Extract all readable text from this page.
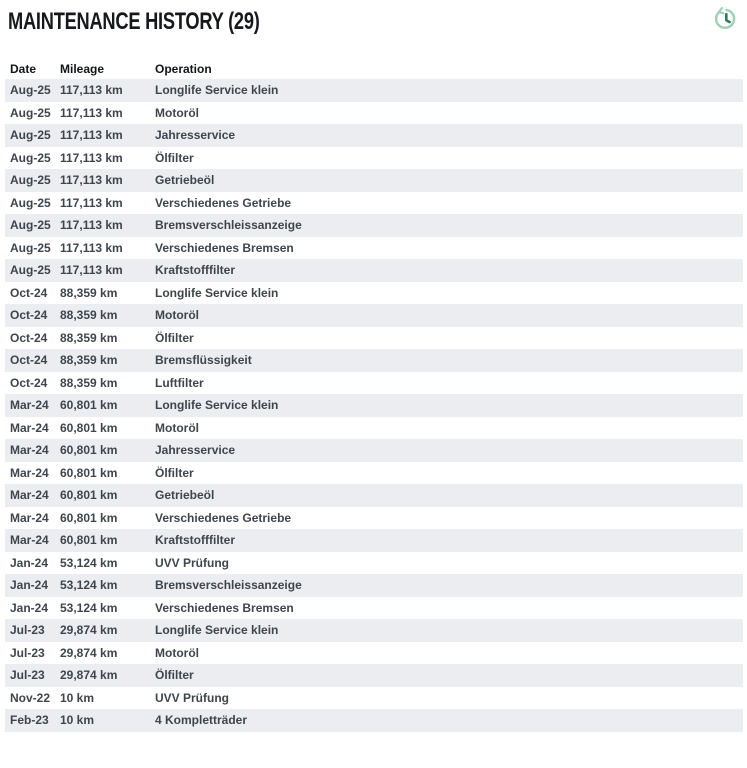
MAINTENANCE HISTORY (29)
Date	Mileage	Operation
Aug-25 117,113 km	Longlife Service klein
Aug-25 117,113 km	Motoröl
Aug-25 117,113 km	Jahresservice
Aug-25 117,113 km	Ölfilter
Aug-25 117,113 km	Getriebeöl
Aug-25 117,113 km	Verschiedenes Getriebe
Aug-25 117,113 km	Bremsverschleissanzeige
Aug-25 117,113 km	Verschiedenes Bremsen
Aug-25 117,113 km	Kraftstofffilter
Oct-24	88,359 km	Longlife Service klein
Oct-24	88,359 km	Motoröl
Oct-24	88,359 km	Ölfilter
Oct-24	88,359 km	Bremsflüssigkeit
Oct-24	88,359 km	Luftfilter
Mar-24 60,801 km	Longlife Service klein
Mar-24 60,801 km	Motoröl
Mar-24 60,801 km	Jahresservice
Mar-24 60,801 km	Ölfilter
Mar-24 60,801 km	Getriebeöl
Mar-24 60,801 km	Verschiedenes Getriebe
Mar-24 60,801 km	Kraftstofffilter
Jan-24 53,124 km	UVV Prüfung
Jan-24 53,124 km	Bremsverschleissanzeige
Jan-24 53,124 km	Verschiedenes Bremsen
Jul-23	29,874 km	Longlife Service klein
Jul-23	29,874 km	Motoröl
Jul-23	29,874 km	Ölfilter
Nov-22 10 km	UVV Prüfung
Feb-23 10 km	4 Kompletträder
